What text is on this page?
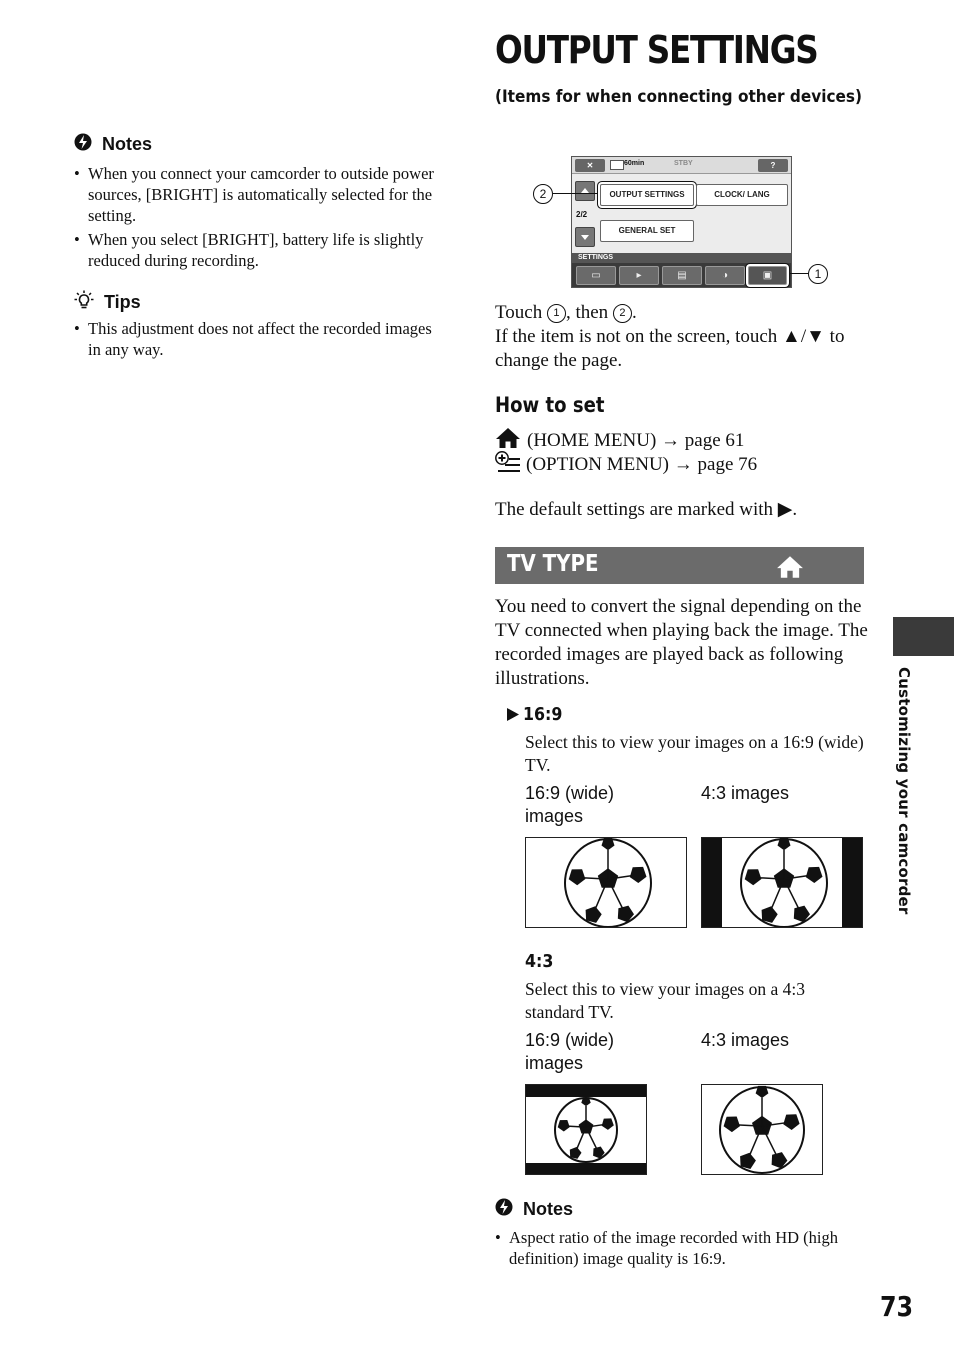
Notes
• When you connect your camcorder to outside power sources, [BRIGHT] is automatically selected for the setting.
• When you select [BRIGHT], battery life is slightly reduced during recording.
Tips
• This adjustment does not affect the recorded images in any way.
OUTPUT SETTINGS
(Items for when connecting other devices)
✕	60min	STBY	?
2/2
OUTPUT SETTINGS	CLOCK/ LANG
GENERAL SET
SETTINGS
▭	▸	▤	◑	▣
2
1
Touch 1 , then 2 .
If the item is not on the screen, touch ▲/▼ to change the page.
How to set
(HOME MENU) → page 61
(OPTION MENU) → page 76
The default settings are marked with ▶.
TV TYPE
You need to convert the signal depending on the TV connected when playing back the image. The recorded images are played back as following illustrations.
16:9
Select this to view your images on a 16:9 (wide) TV.
16:9 (wide) images
4:3 images
4:3
Select this to view your images on a 4:3 standard TV.
16:9 (wide) images
4:3 images
Notes
• Aspect ratio of the image recorded with HD (high definition) image quality is 16:9.
Customizing your camcorder
73
